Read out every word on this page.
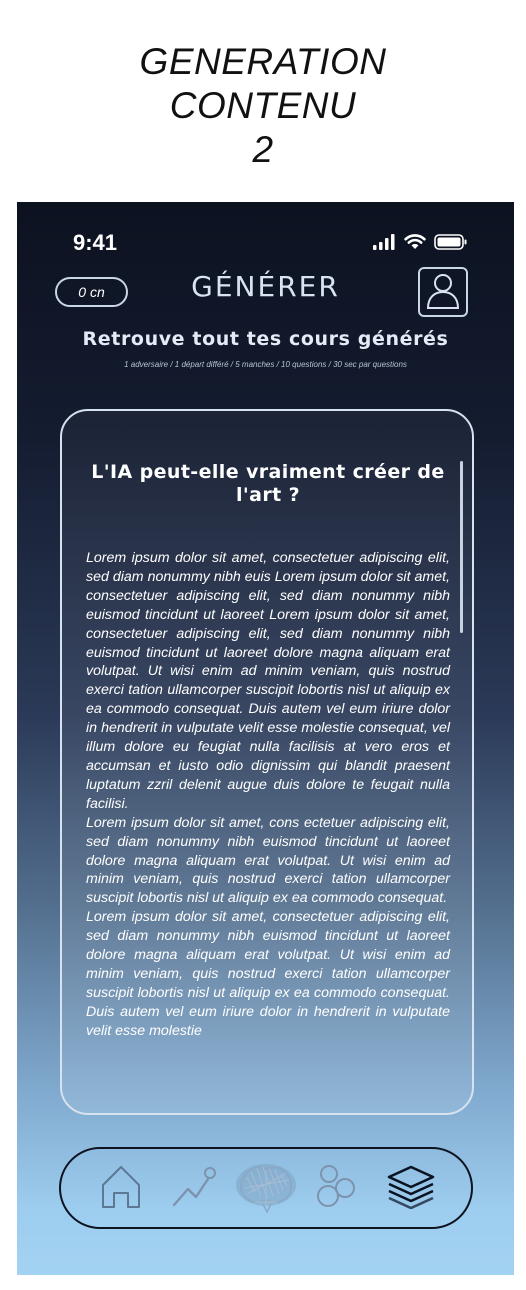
GENERATION
CONTENU
2
9:41
0 cn	GÉNÉRER
Retrouve tout tes cours générés
1 adversaire / 1 départ différé / 5 manches / 10 questions / 30 sec par questions
L'IA peut-elle vraiment créer de l'art ?

Lorem ipsum dolor sit amet, consectetuer adipiscing elit, sed diam nonummy nibh euis Lorem ipsum dolor sit amet, consectetuer adipiscing elit, sed diam nonummy nibh euismod tincidunt ut laoreet Lorem ipsum dolor sit amet, consectetuer adipiscing elit, sed diam nonummy nibh euismod tincidunt ut laoreet dolore magna aliquam erat volutpat. Ut wisi enim ad minim veniam, quis nostrud exerci tation ullamcorper suscipit lobortis nisl ut aliquip ex ea commodo consequat. Duis autem vel eum iriure dolor in hendrerit in vulputate velit esse molestie consequat, vel illum dolore eu feugiat nulla facilisis at vero eros et accumsan et iusto odio dignissim qui blandit praesent luptatum zzril delenit augue duis dolore te feugait nulla facilisi.

Lorem ipsum dolor sit amet, cons ectetuer adipiscing elit, sed diam nonummy nibh euismod tincidunt ut laoreet dolore magna aliquam erat volutpat. Ut wisi enim ad minim veniam, quis nostrud exerci tation ullamcorper suscipit lobortis nisl ut aliquip ex ea commodo consequat.

Lorem ipsum dolor sit amet, consectetuer adipiscing elit, sed diam nonummy nibh euismod tincidunt ut laoreet dolore magna aliquam erat volutpat. Ut wisi enim ad minim veniam, quis nostrud exerci tation ullamcorper suscipit lobortis nisl ut aliquip ex ea commodo consequat. Duis autem vel eum iriure dolor in hendrerit in vulputate velit esse molestie
